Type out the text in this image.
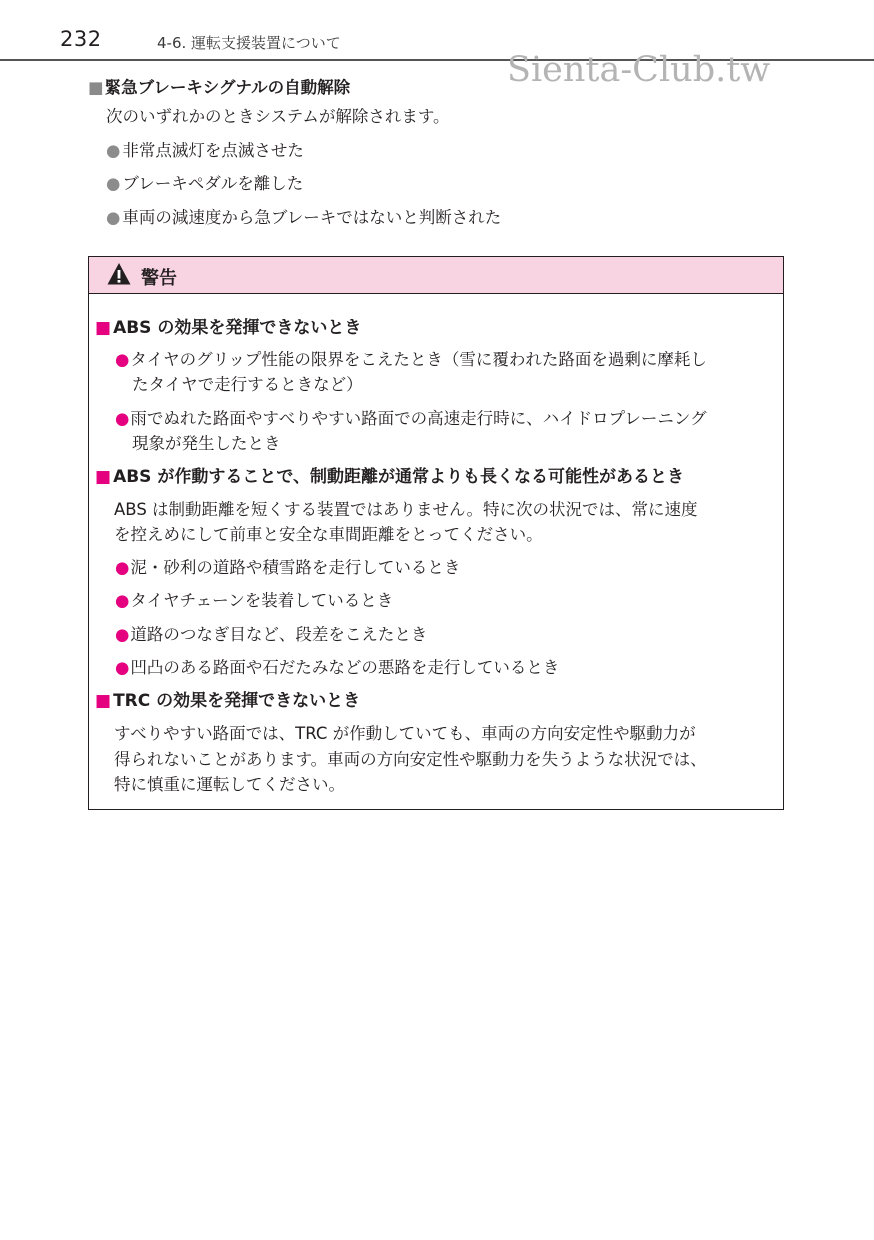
232	4-6. 運転支援装置について
Sienta-Club.tw
■緊急ブレーキシグナルの自動解除
次のいずれかのときシステムが解除されます。
● 非常点滅灯を点滅させた
● ブレーキペダルを離した
● 車両の減速度から急ブレーキではないと判断された
警告
■ ABS の効果を発揮できないとき
●タイヤのグリップ性能の限界をこえたとき（雪に覆われた路面を過剰に摩耗し
たタイヤで走行するときなど）
●雨でぬれた路面やすべりやすい路面での高速走行時に、ハイドロプレーニング
現象が発生したとき
■ ABS が作動することで、制動距離が通常よりも長くなる可能性があるとき
ABS は制動距離を短くする装置ではありません。特に次の状況では、常に速度
を控えめにして前車と安全な車間距離をとってください。
●泥・砂利の道路や積雪路を走行しているとき
●タイヤチェーンを装着しているとき
●道路のつなぎ目など、段差をこえたとき
●凹凸のある路面や石だたみなどの悪路を走行しているとき
■ TRC の効果を発揮できないとき
すべりやすい路面では、TRC が作動していても、車両の方向安定性や駆動力が
得られないことがあります。車両の方向安定性や駆動力を失うような状況では、
特に慎重に運転してください。
